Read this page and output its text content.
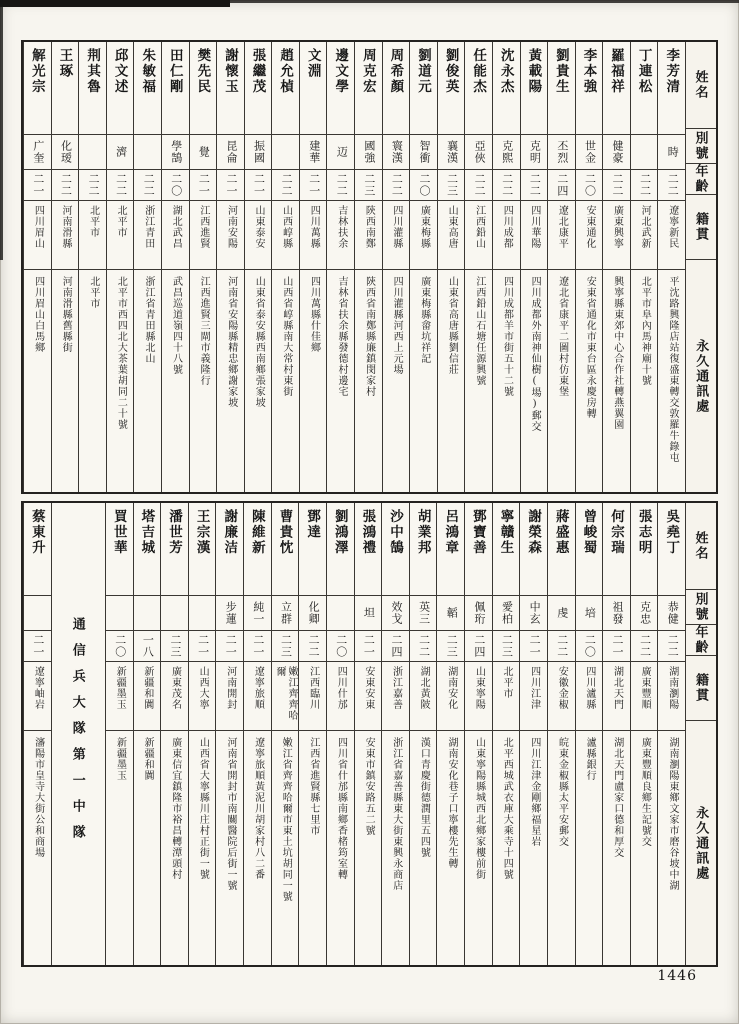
姓名
別號
年齡
籍貫
永久通訊處
李芳清
時
二二
遼寧新民
平沈路興隆店站復盛東轉交敦羅牛錄屯
丁連松
二二
河北武新
北平市阜內馬神廟十號
羅福祥
健豪
二二
廣東興寧
興寧縣東郊中心合作社轉燕翼園
李本強
世金
二〇
安東通化
安東省通化市東台區永慶房轉
劉貴生
丕烈
二四
遼北康平
遼北省康平二圖村仿東堡
黃載陽
克明
二二
四川華陽
四川成都外南神仙樹(場)郵交
沈永杰
克熙
二二
四川成都
四川成都羊市街五十二號
任能杰
亞俠
二二
江西鉛山
江西鉛山石塘任源興號
劉俊英
襄漢
二三
山東高唐
山東省高唐縣劉信莊
劉道元
智衝
二〇
廣東梅縣
廣東梅縣畲坑祥記
周希顏
寰漢
二二
四川灌縣
四川灌縣河西上元場
周克宏
國強
二三
陝西南鄭
陝西省南鄭縣廉鎮閔家村
邊文學
迈
二二
吉林扶余
吉林省扶余縣發德村邊宅
文淵
建華
二一
四川萬縣
四川萬縣什佳鄉
趙允楨
二二
山西崞縣
山西省崞縣南大常村東街
張繼茂
振國
二一
山東泰安
山東省泰安縣西南鄉張家坡
謝懷玉
昆侖
二一
河南安陽
河南省安陽縣精忠鄉謝家坡
樊先民
覺
二一
江西進賢
江西進賢三閘市義隆行
田仁剛
學鵠
二〇
湖北武昌
武昌巡道嶺四十八號
朱敏福
二二
浙江青田
浙江省青田縣北山
邱文述
濟
二二
北平市
北平市西四北大茶葉胡同二十號
荆其魯
二二
北平市
北平市
王琢
化瑷
二二
河南滑縣
河南滑縣舊縣街
解光宗
广奎
二一
四川眉山
四川眉山白馬鄉
姓名
別號
年齡
籍貫
永久通訊處
吳堯丁
恭健
二二
湖南瀏陽
湖南瀏陽東鄉文家市磨谷坡中湖
張志明
克忠
二二
廣東豐順
廣東豐順良鄉生記號交
何宗瑞
祖發
二一
湖北天門
湖北天門盧家口德和厚交
曾峻蜀
培
二〇
四川瀘縣
瀘縣銀行
蔣盛惠
虔
二二
安徽金椒
皖東金椒縣太平安郵交
謝榮森
中玄
二一
四川江津
四川江津金剛鄉福星岩
寧贛生
愛柏
二三
北平市
北平西城武衣庫大乘寺十四號
鄧寶善
佩珩
二四
山東寧陽
山東寧陽縣城西北鄉家樓前街
呂鴻章
韜
二三
湖南安化
湖南安化巷子口寧樓先生轉
胡業邦
英三
二二
湖北黃陂
漢口青慶街德潤里五四號
沙中鵠
效戈
二四
浙江嘉善
浙江省嘉善縣東大街東興永商店
張鴻禮
坦
二一
安東安東
安東市鎮安路五二號
劉鴻澤
二〇
四川什邡
四川省什邡縣南鄉香楮筠室轉
鄧達
化卿
二二
江西臨川
江西省進賢縣七里市
曹貴忱
立群
二三
嫩江齊齊哈爾
嫩江省齊齊哈爾市東土坑胡同一號
陳維新
純一
二一
遼寧旅順
遼寧旅順黃泥川胡家村八二番
謝廉洁
步蓮
二一
河南開封
河南省開封市南關醫院后街一號
王宗漢
二一
山西大寧
山西省大寧縣川庄村正街一號
潘世芳
二三
廣東茂名
廣東信宜鎮隆市裕昌轉潭頭村
塔吉城
一八
新疆和闐
新疆和闐
買世華
二〇
新疆墨玉
新疆墨玉
通信兵大隊第一中隊
蔡東升
二一
遼寧岫岩
瀋陽市皇寺大街公和商場
1446
